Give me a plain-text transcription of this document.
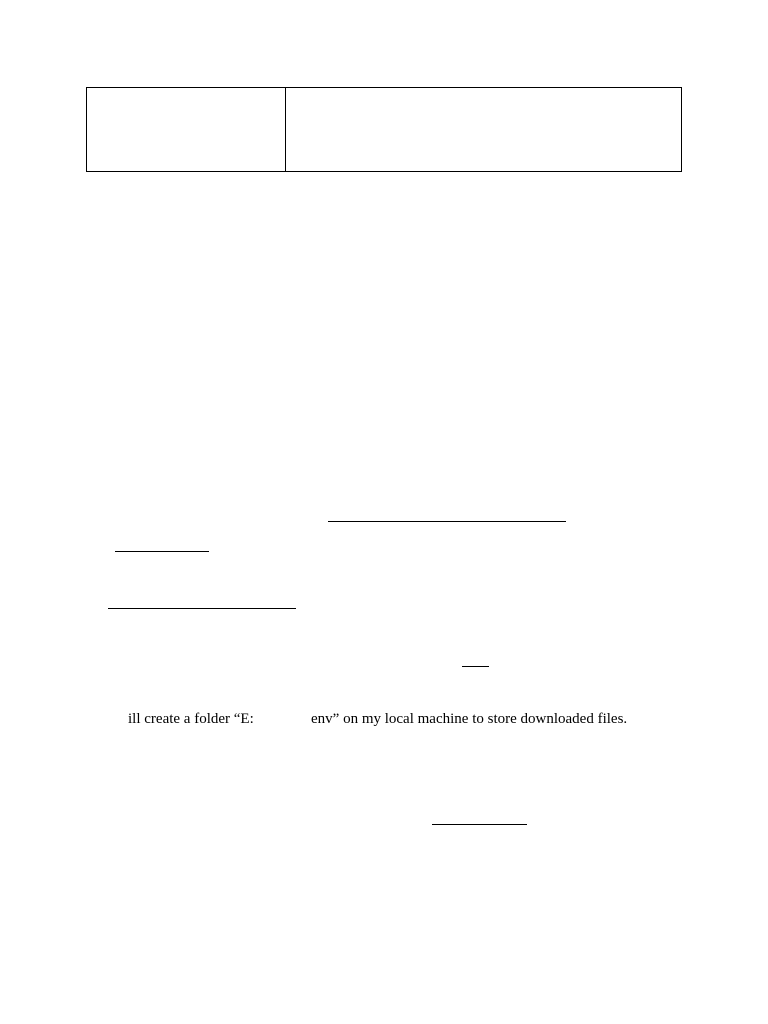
ill create a folder “E:	env” on my local machine to store downloaded files.
